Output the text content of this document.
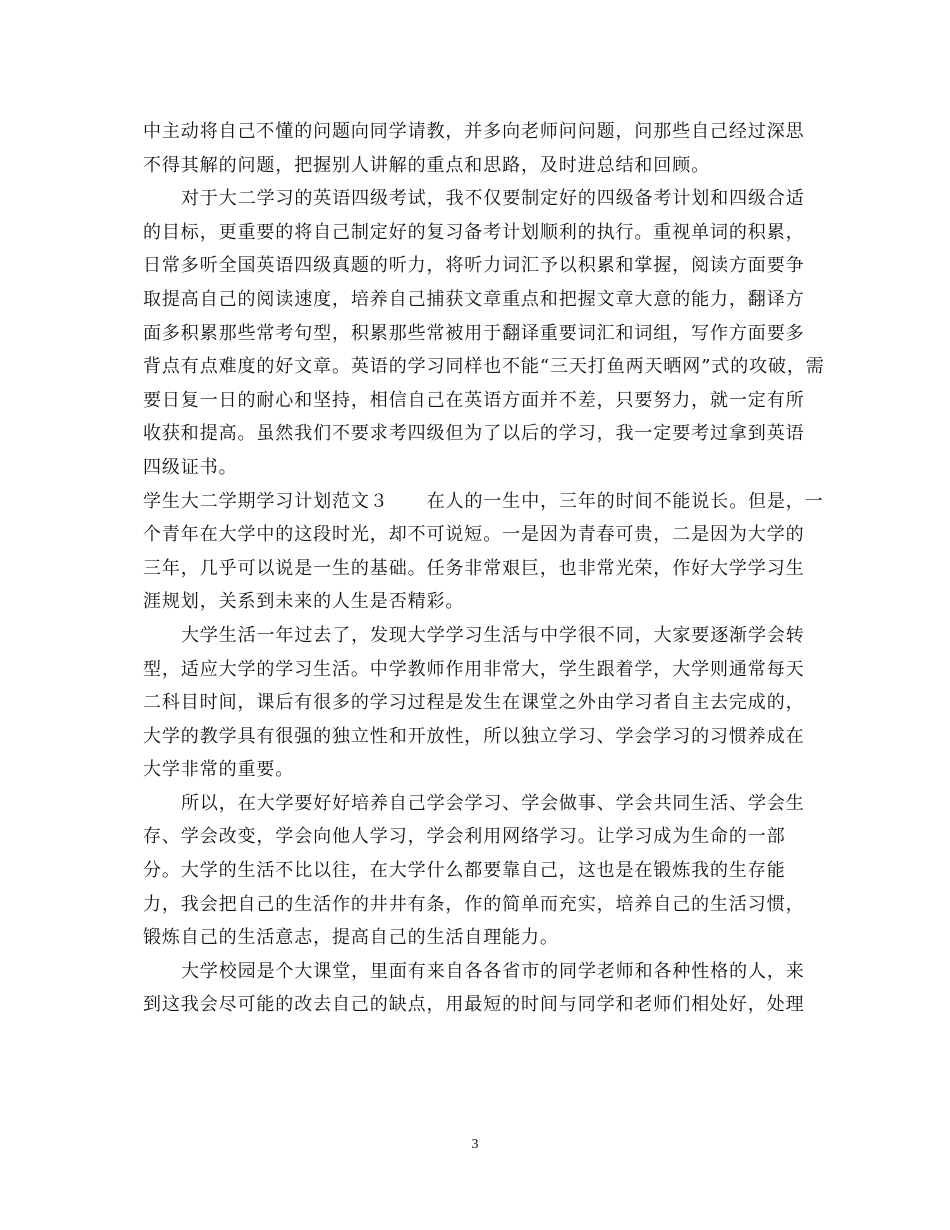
中主动将自己不懂的问题向同学请教，并多向老师问问题，问那些自己经过深思
不得其解的问题，把握别人讲解的重点和思路，及时进总结和回顾。
对于大二学习的英语四级考试，我不仅要制定好的四级备考计划和四级合适
的目标，更重要的将自己制定好的复习备考计划顺利的执行。重视单词的积累，
日常多听全国英语四级真题的听力，将听力词汇予以积累和掌握，阅读方面要争
取提高自己的阅读速度，培养自己捕获文章重点和把握文章大意的能力，翻译方
面多积累那些常考句型，积累那些常被用于翻译重要词汇和词组，写作方面要多
背点有点难度的好文章。英语的学习同样也不能“三天打鱼两天晒网”式的攻破，需
要日复一日的耐心和坚持，相信自己在英语方面并不差，只要努力，就一定有所
收获和提高。虽然我们不要求考四级但为了以后的学习，我一定要考过拿到英语
四级证书。
学生大二学期学习计划范文３ 在人的一生中，三年的时间不能说长。但是，一
个青年在大学中的这段时光，却不可说短。一是因为青春可贵，二是因为大学的
三年，几乎可以说是一生的基础。任务非常艰巨，也非常光荣，作好大学学习生
涯规划，关系到未来的人生是否精彩。
大学生活一年过去了，发现大学学习生活与中学很不同，大家要逐渐学会转
型，适应大学的学习生活。中学教师作用非常大，学生跟着学，大学则通常每天
二科目时间，课后有很多的学习过程是发生在课堂之外由学习者自主去完成的，
大学的教学具有很强的独立性和开放性，所以独立学习、学会学习的习惯养成在
大学非常的重要。
所以，在大学要好好培养自己学会学习、学会做事、学会共同生活、学会生
存、学会改变，学会向他人学习，学会利用网络学习。让学习成为生命的一部
分。大学的生活不比以往，在大学什么都要靠自己，这也是在锻炼我的生存能
力，我会把自己的生活作的井井有条，作的简单而充实，培养自己的生活习惯，
锻炼自己的生活意志，提高自己的生活自理能力。
大学校园是个大课堂，里面有来自各各省市的同学老师和各种性格的人，来
到这我会尽可能的改去自己的缺点，用最短的时间与同学和老师们相处好，处理
3
